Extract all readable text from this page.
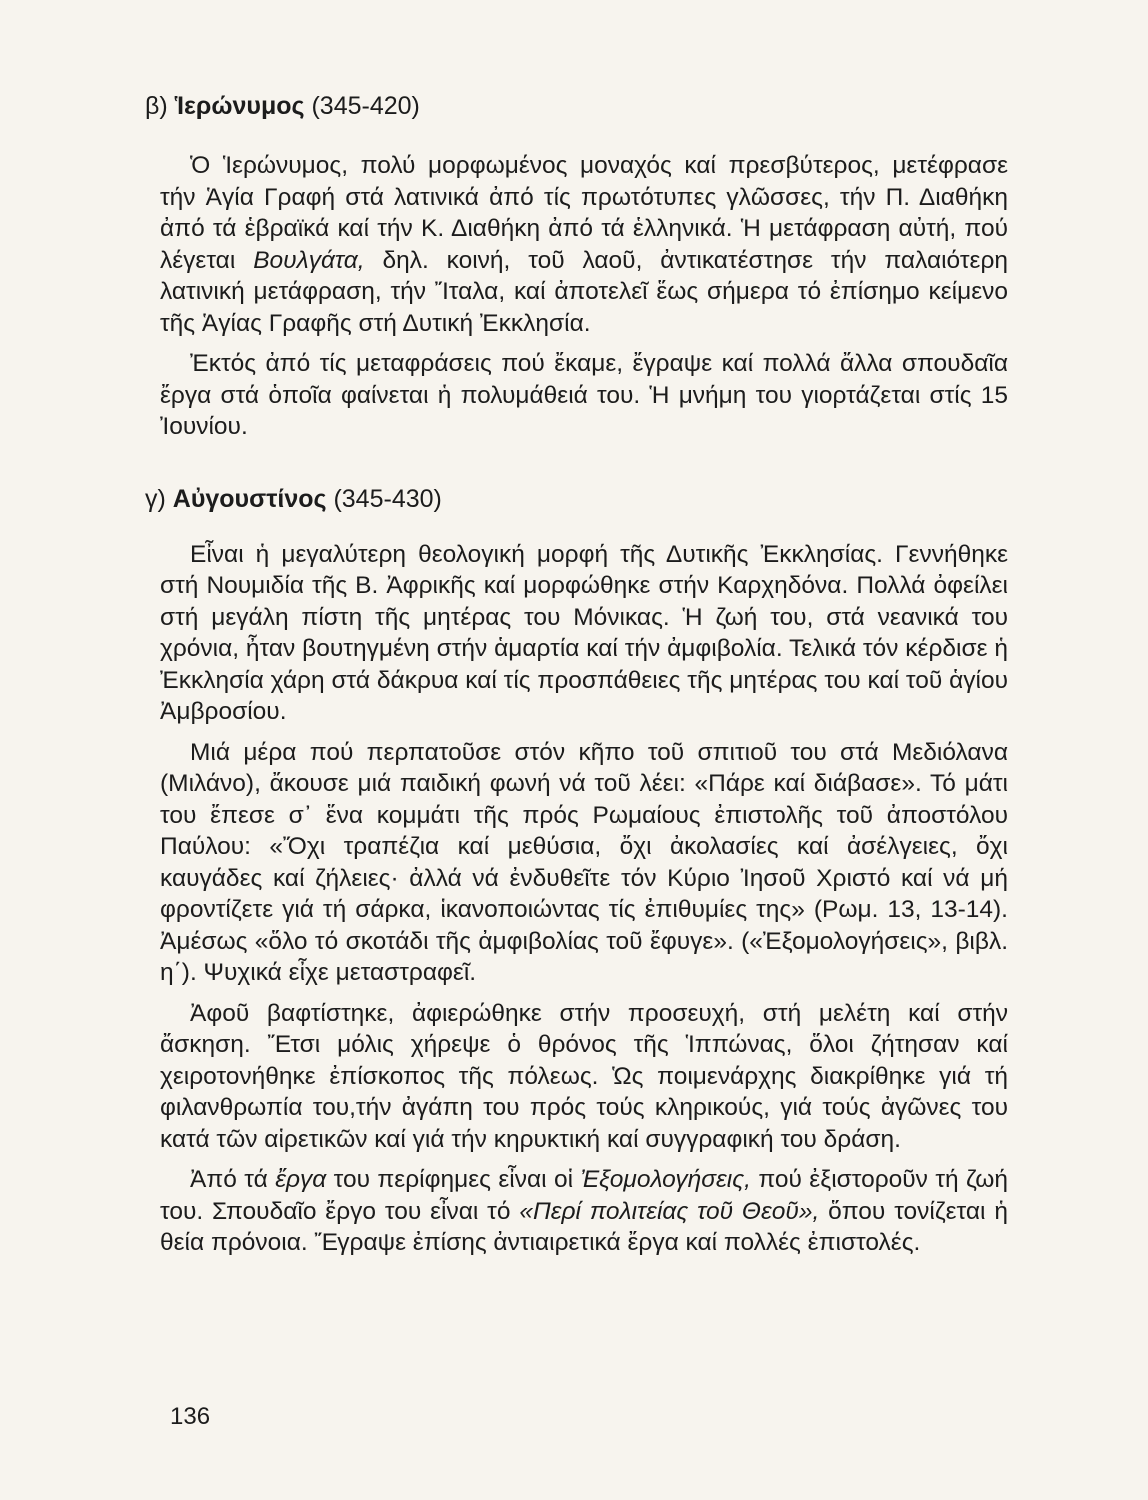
β) Ἱερώνυμος (345-420)

Ὁ Ἱερώνυμος, πολύ μορφωμένος μοναχός καί πρεσβύτερος, μετέφρασε τήν Ἁγία Γραφή στά λατινικά ἀπό τίς πρωτότυπες γλῶσσες, τήν Π. Διαθήκη ἀπό τά ἑβραϊκά καί τήν Κ. Διαθήκη ἀπό τά ἑλληνικά. Ἡ μετάφραση αὐτή, πού λέγεται Βουλγάτα, δηλ. κοινή, τοῦ λαοῦ, ἀντικατέστησε τήν παλαιότερη λατινική μετάφραση, τήν Ἴταλα, καί ἀποτελεῖ ἕως σήμερα τό ἐπίσημο κείμενο τῆς Ἁγίας Γραφῆς στή Δυτική Ἐκκλησία.

Ἐκτός ἀπό τίς μεταφράσεις πού ἔκαμε, ἔγραψε καί πολλά ἄλλα σπουδαῖα ἔργα στά ὁποῖα φαίνεται ἡ πολυμάθειά του. Ἡ μνήμη του γιορτάζεται στίς 15 Ἰουνίου.

γ) Αὐγουστίνος (345-430)

Εἶναι ἡ μεγαλύτερη θεολογική μορφή τῆς Δυτικῆς Ἐκκλησίας. Γεννήθηκε στή Νουμιδία τῆς Β. Ἀφρικῆς καί μορφώθηκε στήν Καρχηδόνα. Πολλά ὀφείλει στή μεγάλη πίστη τῆς μητέρας του Μόνικας. Ἡ ζωή του, στά νεανικά του χρόνια, ἦταν βουτηγμένη στήν ἁμαρτία καί τήν ἀμφιβολία. Τελικά τόν κέρδισε ἡ Ἐκκλησία χάρη στά δάκρυα καί τίς προσπάθειες τῆς μητέρας του καί τοῦ ἁγίου Ἀμβροσίου.

Μιά μέρα πού περπατοῦσε στόν κῆπο τοῦ σπιτιοῦ του στά Μεδιόλανα (Μιλάνο), ἄκουσε μιά παιδική φωνή νά τοῦ λέει: «Πάρε καί διάβασε». Τό μάτι του ἔπεσε σ᾽ ἕνα κομμάτι τῆς πρός Ρωμαίους ἐπιστολῆς τοῦ ἀποστόλου Παύλου: «Ὄχι τραπέζια καί μεθύσια, ὄχι ἀκολασίες καί ἀσέλγειες, ὄχι καυγάδες καί ζήλειες· ἀλλά νά ἐνδυθεῖτε τόν Κύριο Ἰησοῦ Χριστό καί νά μή φροντίζετε γιά τή σάρκα, ἱκανοποιώντας τίς ἐπιθυμίες της» (Ρωμ. 13, 13-14). Ἀμέσως «ὅλο τό σκοτάδι τῆς ἀμφιβολίας τοῦ ἔφυγε». («Ἐξομολογήσεις», βιβλ. η΄). Ψυχικά εἶχε μεταστραφεῖ.

Ἀφοῦ βαφτίστηκε, ἀφιερώθηκε στήν προσευχή, στή μελέτη καί στήν ἄσκηση. Ἔτσι μόλις χήρεψε ὁ θρόνος τῆς Ἱππώνας, ὅλοι ζήτησαν καί χειροτονήθηκε ἐπίσκοπος τῆς πόλεως. Ὡς ποιμενάρχης διακρίθηκε γιά τή φιλανθρωπία του,τήν ἀγάπη του πρός τούς κληρικούς, γιά τούς ἀγῶνες του κατά τῶν αἱρετικῶν καί γιά τήν κηρυκτική καί συγγραφική του δράση.

Ἀπό τά ἔργα του περίφημες εἶναι οἱ Ἐξομολογήσεις, πού ἐξιστοροῦν τή ζωή του. Σπουδαῖο ἔργο του εἶναι τό «Περί πολιτείας τοῦ Θεοῦ», ὅπου τονίζεται ἡ θεία πρόνοια. Ἔγραψε ἐπίσης ἀντιαιρετικά ἔργα καί πολλές ἐπιστολές.

136
